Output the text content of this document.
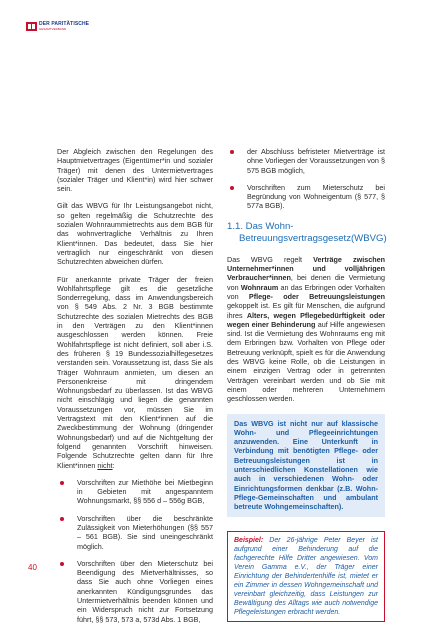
DER PARITÄTISCHE
GESAMTVERBAND

Der Abgleich zwischen den Regelungen des Hauptmietvertrages (Eigentümer*in und sozialer Träger) mit denen des Untermietvertrages (sozialer Träger und Klient*in) wird hier schwer sein.

Gilt das WBVG für Ihr Leistungsangebot nicht, so gelten regelmäßig die Schutzrechte des sozialen Wohnraummietrechts aus dem BGB für das wohnvertragliche Verhältnis zu Ihren Klient*innen. Das bedeutet, dass Sie hier vertraglich nur eingeschränkt von diesen Schutzrechten abweichen dürfen.

Für anerkannte private Träger der freien Wohlfahrtspflege gilt es die gesetzliche Sonderregelung, dass im Anwendungsbereich von § 549 Abs. 2 Nr. 3 BGB bestimmte Schutzrechte des sozialen Mietrechts des BGB in den Verträgen zu den Klient*innen ausgeschlossen werden können. Freie Wohlfahrtspflege ist nicht definiert, soll aber i.S. des früheren § 19 Bundessozialhilfegesetzes verstanden sein. Voraussetzung ist, dass Sie als Träger Wohnraum anmieten, um diesen an Personenkreise mit dringendem Wohnungsbedarf zu überlassen. Ist das WBVG nicht einschlägig und liegen die genannten Voraussetzungen vor, müssen Sie im Vertragstext mit den Klient*innen auf die Zweckbestimmung der Wohnung (dringender Wohnungsbedarf) und auf die Nichtgeltung der folgend genannten Vorschrift hinweisen. Folgende Schutzrechte gelten dann für Ihre Klient*innen nicht:

Vorschriften zur Miethöhe bei Mietbeginn in Gebieten mit angespanntem Wohnungsmarkt, §§ 556 d – 556g BGB,
Vorschriften über die beschränkte Zulässigkeit von Mieterhöhungen (§§ 557 – 561 BGB). Sie sind uneingeschränkt möglich.
Vorschriften über den Mieterschutz bei Beendigung des Mietverhältnisses, so dass Sie auch ohne Vorliegen eines anerkannten Kündigungsgrundes das Untermietverhältnis beenden können und ein Widerspruch nicht zur Fortsetzung führt, §§ 573, 573 a, 573d Abs. 1 BGB,
der Abschluss befristeter Mietverträge ist ohne Vorliegen der Voraussetzungen von § 575 BGB möglich,
Vorschriften zum Mieterschutz bei Begründung von Wohneigentum (§ 577, § 577a BGB).
1.1. Das Wohn- Betreuungsvertragsgesetz(WBVG)

Das WBVG regelt Verträge zwischen Unternehmer*innen und volljährigen Verbraucher*innen, bei denen die Vermietung von Wohnraum an das Erbringen oder Vorhalten von Pflege- oder Betreuungsleistungen gekoppelt ist. Es gilt für Menschen, die aufgrund ihres Alters, wegen Pflegebedürftigkeit oder wegen einer Behinderung auf Hilfe angewiesen sind. Ist die Vermietung des Wohnraums eng mit dem Erbringen bzw. Vorhalten von Pflege oder Betreuung verknüpft, spielt es für die Anwendung des WBVG keine Rolle, ob die Leistungen in einem einzigen Vertrag oder in getrennten Verträgen vereinbart werden und ob Sie mit einem oder mehreren Unternehmern geschlossen werden.

Das WBVG ist nicht nur auf klassische Wohn- und Pflegeeinrichtungen anzuwenden. Eine Unterkunft in Verbindung mit benötigten Pflege- oder Betreuungsleistungen ist in unterschiedlichen Konstellationen wie auch in verschiedenen Wohn- oder Einrichtungsformen denkbar (z.B. Wohn-Pflege-Gemeinschaften und ambulant betreute Wohngemeinschaften).
Beispiel: Der 26-jährige Peter Beyer ist aufgrund einer Behinderung auf die fachgerechte Hilfe Dritter angewiesen. Vom Verein Gamma e.V., der Träger einer Einrichtung der Behindertenhilfe ist, mietet er ein Zimmer in dessen Wohngemeinschaft und vereinbart gleichzeitig, dass Leistungen zur Bewältigung des Alltags wie auch notwendige Pflegeleistungen erbracht werden.
40
